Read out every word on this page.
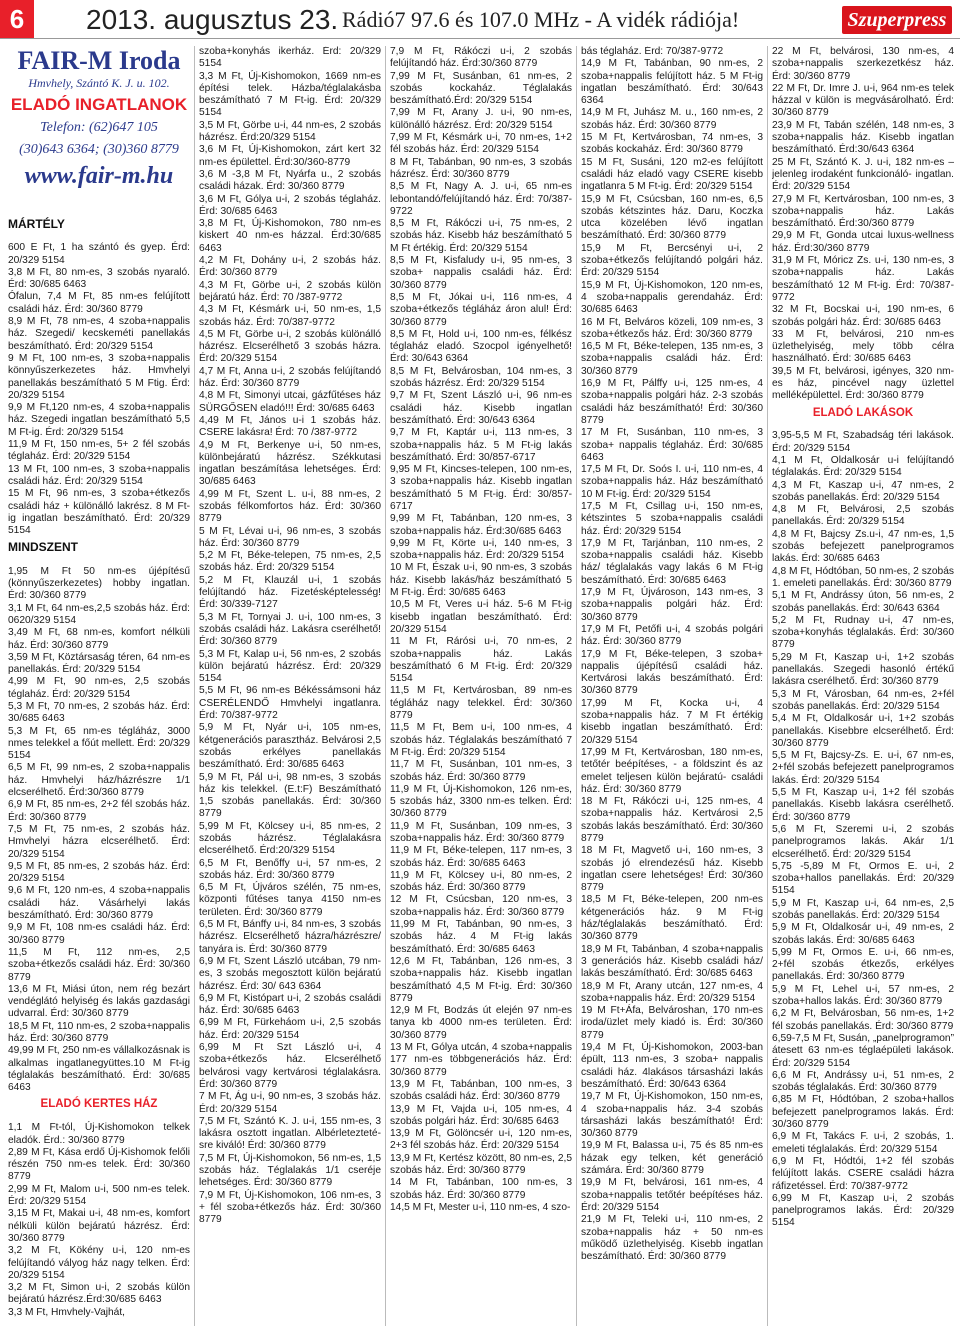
6	2013. augusztus 23. Rádió7 97.6 és 107.0 MHz - A vidék rádiója!	Szuperpress
FAIR-M Iroda
Hmvhely, Szántó K. J. u. 102.
ELADÓ INGATLANOK
Telefon: (62)647 105
(30)643 6364; (30)360 8779
www.fair-m.hu

MÁRTÉLY

600 E Ft, 1 ha szántó és gyep. Érd: 20/329 5154

3,8 M Ft, 80 nm-es, 3 szobás nyaraló. Érd: 30/685 6463

Ófalun, 7,4 M Ft, 85 nm-es felújított családi ház. Érd: 30/360 8779

8,9 M Ft, 78 nm-es, 4 szoba+nappalis ház. Szegedi/ kecskeméti panellakás beszámítható. Érd: 20/329 5154

9 M Ft, 100 nm-es, 3 szoba+nappalis könnyűszerkezetes ház. Hmvhelyi panellakás beszámítható 5 M Ftig. Érd: 20/329 5154

9,9 M Ft,120 nm-es, 4 szoba+nappalis ház. Szegedi ingatlan beszámítható 5,5 M Ft-ig. Érd: 20/329 5154

11,9 M Ft, 150 nm-es, 5+ 2 fél szobás téglaház. Érd: 20/329 5154

13 M Ft, 100 nm-es, 3 szoba+nappalis családi ház. Érd: 20/329 5154

15 M Ft, 96 nm-es, 3 szoba+étkezős családi ház + különálló lakrész. 8 M Ft-ig ingatlan beszámítható. Érd: 20/329 5154

MINDSZENT

1,95 M Ft 50 nm-es újépítésű (könnyűszerkezetes) hobby ingatlan. Érd: 30/360 8779

3,1 M Ft, 64 nm-es,2,5 szobás ház. Érd: 0620/329 5154

3,49 M Ft, 68 nm-es, komfort nélküli ház. Érd: 30/360 8779

3,59 M Ft, Köztársaság téren, 64 nm-es panellakás. Érd: 20/329 5154

4,99 M Ft, 90 nm-es, 2,5 szobás téglaház. Érd: 20/329 5154

5,3 M Ft, 70 nm-es, 2 szobás ház. Érd: 30/685 6463

5,3 M Ft, 65 nm-es tégláház, 3000 nmes telekkel a főút mellett. Érd: 20/329 5154

6,5 M Ft, 99 nm-es, 2 szoba+nappalis ház. Hmvhelyi ház/házrészre 1/1 elcserélhető. Érd:30/360 8779

6,9 M Ft, 85 nm-es, 2+2 fél szobás ház. Érd: 30/360 8779

7,5 M Ft, 75 nm-es, 2 szobás ház. Hmvhelyi házra elcserélhető. Érd: 20/329 5154

9,5 M Ft, 85 nm-es, 2 szobás ház. Érd: 20/329 5154

9,6 M Ft, 120 nm-es, 4 szoba+nappalis családi ház. Vásárhelyi lakás beszámítható. Érd: 30/360 8779

9,9 M Ft, 108 nm-es családi ház. Érd: 30/360 8779

11,5 M Ft, 112 nm-es, 2,5 szoba+étkezős családi ház. Érd: 30/360 8779

13,6 M Ft, Miási úton, nem rég bezárt vendéglátó helyiség és lakás gazdasági udvarral. Érd: 30/360 8779

18,5 M Ft, 110 nm-es, 2 szoba+nappalis ház. Érd: 30/360 8779

49,99 M Ft, 250 nm-es vállalkozásnak is alkalmas ingatlanegyüttes.10 M Ft-ig téglalakás beszámítható. Érd: 30/685 6463

ELADÓ KERTES HÁZ

1,1 M Ft-tól, Új-Kishomokon telkek eladók. Érd.: 30/360 8779

2,89 M Ft, Kása erdő Új-Kishomok felőli részén 750 nm-es telek. Érd: 30/360 8779

2,99 M Ft, Malom u-i, 500 nm-es telek. Érd: 20/329 5154

3,15 M Ft, Makai u-i, 48 nm-es, komfort nélküli külön bejáratú házrész. Érd: 30/360 8779

3,2 M Ft, Kökény u-i, 120 nm-es felújítandó vályog ház nagy telken. Érd: 20/329 5154

3,2 M Ft, Simon u-i, 2 szobás külön bejáratú házrész.Érd:30/685 6463

3,3 M Ft, Hmvhely-Vajhát,

szoba+konyhás ikerház. Érd: 20/329 5154

3,3 M Ft, Új-Kishomokon, 1669 nm-es építési telek. Házba/téglalakásba beszámítható 7 M Ft-ig. Érd: 20/329 5154

3,5 M Ft, Görbe u-i, 44 nm-es, 2 szobás házrész. Érd:20/329 5154

3,6 M Ft, Új-Kishomokon, zárt kert 32 nm-es épülettel. Érd:30/360-8779

3,6 M -3,8 M Ft, Nyárfa u., 2 szobás családi házak. Érd: 30/360 8779

3,6 M Ft, Gólya u-i, 2 szobás téglaház. Érd: 30/685 6463

3,8 M Ft, Új-Kishomokon, 780 nm-es kiskert 40 nm-es házzal. Érd:30/685 6463

4,2 M Ft, Dohány u-i, 2 szobás ház. Érd: 30/360 8779

4,3 M Ft, Görbe u-i, 2 szobás külön bejáratú ház. Érd: 70 /387-9772

4,3 M Ft, Késmárk u-i, 50 nm-es, 1,5 szobás ház. Érd: 70/387-9772

4,5 M Ft, Görbe u-i, 2 szobás különálló házrész. Elcserélhető 3 szobás házra. Érd: 20/329 5154

4,7 M Ft, Anna u-i, 2 szobás felújítandó ház. Érd: 30/360 8779

4,8 M Ft, Simonyi utcai, gázfűtéses ház SÜRGŐSEN eladó!!! Érd: 30/685 6463

4,49 M Ft, János u-i 1 szobás ház. CSERE lakásra! Érd: 70 /387-9772

4,9 M Ft, Berkenye u-i, 50 nm-es, különbejáratú házrész. Székkutasi ingatlan beszámítása lehetséges. Érd: 30/685 6463

4,99 M Ft, Szent L. u-i, 88 nm-es, 2 szobás félkomfortos ház. Érd: 30/360 8779

5 M Ft, Lévai u-i, 96 nm-es, 3 szobás ház. Érd: 30/360 8779

5,2 M Ft, Béke-telepen, 75 nm-es, 2,5 szobás ház. Érd: 20/329 5154

5,2 M Ft, Klauzál u-i, 1 szobás felújítandó ház. Fizetésképtelesség! Érd: 30/339-7127

5,3 M Ft, Tornyai J. u-i, 100 nm-es, 3 szobás családi ház. Lakásra cserélhető! Érd: 30/360 8779

5,3 M Ft, Kalap u-i, 56 nm-es, 2 szobás külön bejáratú házrész. Érd: 20/329 5154

5,5 M Ft, 96 nm-es Békéssámsoni ház CSERÉLENDŐ Hmvhelyi ingatlanra. Érd: 70/387-9772

5,9 M Ft, Nyár u-i, 105 nm-es, kétgenerációs parasztház. Belvárosi 2,5 szobás erkélyes panellakás beszámítható. Érd: 30/685 6463

5,9 M Ft, Pál u-i, 98 nm-es, 3 szobás ház kis telekkel. (E.t:F) Beszámítható 1,5 szobás panellakás. Érd: 30/360 8779

5,99 M Ft, Kölcsey u-i, 85 nm-es, 2 szobás házrész. Téglalakásra elcserélhető. Érd:20/329 5154

6,5 M Ft, Benőffy u-i, 57 nm-es, 2 szobás ház. Érd: 30/360 8779

6,5 M Ft, Újváros szélén, 75 nm-es, központi fűtéses tanya 4150 nm-es területen. Érd: 30/360 8779

6,5 M Ft, Bánffy u-i, 84 nm-es, 3 szobás házrész. Elcserélhető házra/házrészre/ tanyára is. Érd: 30/360 8779

6,9 M Ft, Szent László utcában, 79 nm-es, 3 szobás megosztott külön bejáratú házrész. Érd: 30/ 643 6364

6,9 M Ft, Kistópart u-i, 2 szobás családi ház. Érd: 30/685 6463

6,99 M Ft, Fürkeháom u-i, 2,5 szobás ház. Érd: 20/329 5154

6,99 M Ft Szt László u-i, 4 szoba+étkezős ház. Elcserélhető belvárosi vagy kertvárosi téglalakásra. Érd: 30/360 8779

7 M Ft, Ág u-i, 90 nm-es, 3 szobás ház. Érd: 20/329 5154

7,5 M Ft, Szántó K. J. u-i, 155 nm-es, 3 lakásra osztott ingatlan. Albérleteztetésre kiváló! Érd: 30/360 8779

7,5 M Ft, Új-Kishomokon, 56 nm-es, 1,5 szobás ház. Téglalakás 1/1 cseréje lehetséges. Érd: 30/360 8779

7,9 M Ft, Új-Kishomokon, 106 nm-es, 3 + fél szoba+étkezős ház. Érd: 30/360 8779

7,9 M Ft, Rákóczi u-i, 2 szobás felújítandó ház. Érd:30/360 8779

7,99 M Ft, Susánban, 61 nm-es, 2 szobás kockaház. Téglalakás beszámítható.Érd: 20/329 5154

7,99 M Ft, Arany J. u-i, 90 nm-es, különálló házrész. Érd: 20/329 5154

7,99 M Ft, Késmárk u-i, 70 nm-es, 1+2 fél szobás ház. Érd: 20/329 5154

8 M Ft, Tabánban, 90 nm-es, 3 szobás házrész. Érd: 30/360 8779

8,5 M Ft, Nagy A. J. u-i, 65 nm-es lebontandó/felújítandó ház. Érd: 70/387-9722

8,5 M Ft, Rákóczi u-i, 75 nm-es, 2 szobás ház. Kisebb ház beszámítható 5 M Ft értékig. Érd: 20/329 5154

8,5 M Ft, Kisfaludy u-i, 95 nm-es, 3 szoba+ nappalis családi ház. Érd: 30/360 8779

8,5 M Ft, Jókai u-i, 116 nm-es, 4 szoba+étkezős tégláház áron alul! Érd: 30/360 8779

8,5 M Ft, Hold u-i, 100 nm-es, félkész téglaház eladó. Szocpol igényelhető! Érd: 30/643 6364

8,5 M Ft, Belvárosban, 104 nm-es, 3 szobás házrész. Érd: 20/329 5154

9,7 M Ft, Szent László u-i, 96 nm-es családi ház. Kisebb ingatlan beszámítható. Érd: 30/643 6364

9,7 M Ft, Kaptár u-i, 113 nm-es, 3 szoba+nappalis ház. 5 M Ft-ig lakás beszámítható. Érd: 30/857-6717

9,95 M Ft, Kincses-telepen, 100 nm-es, 3 szoba+nappalis ház. Kisebb ingatlan beszámítható 5 M Ft-ig. Érd: 30/857-6717

9,99 M Ft, Tabánban, 120 nm-es, 3 szoba+nappalis ház. Érd:30/685 6463

9,99 M Ft, Körte u-i, 140 nm-es, 3 szoba+nappalis ház. Érd: 20/329 5154

10 M Ft, Észak u-i, 90 nm-es, 3 szobás ház. Kisebb lakás/ház beszámítható 5 M Ft-ig. Érd: 30/685 6463

10,5 M Ft, Veres u-i ház. 5-6 M Ft-ig kisebb ingatlan beszámítható. Érd: 20/329 5154

11 M Ft, Rárósi u-i, 70 nm-es, 2 szoba+nappalis ház. Lakás beszámítható 6 M Ft-ig. Érd: 20/329 5154

11,5 M Ft, Kertvárosban, 89 nm-es tégláház nagy telekkel. Érd: 30/360 8779

11,5 M Ft, Bem u-i, 100 nm-es, 4 szobás ház. Téglalakás beszámítható 7 M Ft-ig. Érd: 20/329 5154

11,7 M Ft, Susánban, 101 nm-es, 3 szobás ház. Érd: 30/360 8779

11,9 M Ft, Új-Kishomokon, 126 nm-es, 5 szobás ház, 3300 nm-es telken. Érd: 30/360 8779

11,9 M Ft, Susánban, 109 nm-es, 3 szoba+nappalis ház. Érd: 30/360 8779

11,9 M Ft, Béke-telepen, 117 nm-es, 3 szobás ház. Érd: 30/685 6463

11,9 M Ft, Kölcsey u-i, 80 nm-es, 2 szobás ház. Érd: 30/360 8779

12 M Ft, Csúcsban, 120 nm-es, 3 szoba+nappalis ház. Érd: 30/360 8779

11,99 M Ft, Tabánban, 90 nm-es, 3 szobás ház. 4 M Ft-ig lakás beszámítható. Érd: 30/685 6463

12,6 M Ft, Tabánban, 126 nm-es, 3 szoba+nappalis ház. Kisebb ingatlan beszámítható 4,5 M Ft-ig. Érd: 30/360 8779

12,9 M Ft, Bodzás út elején 97 nm-es tanya kb 4000 nm-es területen. Érd: 30/360 8779

13 M Ft, Gólya utcán, 4 szoba+nappalis 177 nm-es többgenerációs ház. Érd: 30/360 8779

13,9 M Ft, Tabánban, 100 nm-es, 3 szobás családi ház. Érd: 30/360 8779

13,9 M Ft, Vajda u-i, 105 nm-es, 4 szobás polgári ház. Érd: 30/685 6463

13,9 M Ft, Gölöncsér u-i, 120 nm-es, 2+3 fél szobás ház. Érd: 20/329 5154

13,9 M Ft, Kertész között, 80 nm-es, 2,5 szobás ház. Érd: 30/360 8779

14 M Ft, Tabánban, 100 nm-es, 3 szobás ház. Érd: 30/360 8779

14,5 M Ft, Mester u-i, 110 nm-es, 4 szo-

bás téglaház. Érd: 70/387-9772

14,9 M Ft, Tabánban, 90 nm-es, 2 szoba+nappalis felújított ház. 5 M Ft-ig ingatlan beszámítható. Érd: 30/643 6364

14,9 M Ft, Juhász M. u., 160 nm-es, 2 szobás ház. Érd: 30/360 8779

15 M Ft, Kertvárosban, 74 nm-es, 3 szobás kockaház. Érd: 30/360 8779

15 M Ft, Susáni, 120 m2-es felújított családi ház eladó vagy CSERE kisebb ingatlanra 5 M Ft-ig. Érd: 20/329 5154

15,9 M Ft, Csúcsban, 160 nm-es, 6,5 szobás kétszintes ház. Daru, Koczka utca közelében lévő ingatlan beszámítható. Érd: 30/360 8779

15,9 M Ft, Bercsényi u-i, 2 szoba+étkezős felújítandó polgári ház. Érd: 20/329 5154

15,9 M Ft, Új-Kishomokon, 120 nm-es, 4 szoba+nappalis gerendaház. Érd: 30/685 6463

16 M Ft, Belváros közeli, 109 nm-es, 3 szoba+étkezős ház. Érd: 30/360 8779

16,5 M Ft, Béke-telepen, 135 nm-es, 3 szoba+nappalis családi ház. Érd: 30/360 8779

16,9 M Ft, Pálffy u-i, 125 nm-es, 4 szoba+nappalis polgári ház. 2-3 szobás családi ház beszámítható! Érd: 30/360 8779

17 M Ft, Susánban, 110 nm-es, 3 szoba+ nappalis téglaház. Érd: 30/685 6463

17,5 M Ft, Dr. Soós I. u-i, 110 nm-es, 4 szoba+nappalis ház. Ház beszámítható 10 M Ft-ig. Érd: 20/329 5154

17,5 M Ft, Csillag u-i, 150 nm-es, kétszintes 5 szoba+nappalis családi ház. Érd: 20/329 5154

17,9 M Ft, Tarjánban, 110 nm-es, 2 szoba+nappalis családi ház. Kisebb ház/ téglalakás vagy lakás 6 M Ft-ig beszámítható. Érd: 30/685 6463

17,9 M Ft, Újvároson, 143 nm-es, 3 szoba+nappalis polgári ház. Érd: 30/360 8779

17,9 M Ft, Petőfi u-i, 4 szobás polgári ház. Érd: 30/360 8779

17,9 M Ft, Béke-telepen, 3 szoba+ nappalis újépítésű családi ház. Kertvárosi lakás beszámítható. Érd: 30/360 8779

17,99 M Ft, Kocka u-i, 4 szoba+nappalis ház. 7 M Ft értékig kisebb ingatlan beszámítható. Érd: 20/329 5154

17,99 M Ft, Kertvárosban, 180 nm-es, tetőtér beépítéses, - a földszint és az emelet teljesen külön bejáratú- családi ház. Érd: 30/360 8779

18 M Ft, Rákóczi u-i, 125 nm-es, 4 szoba+nappalis ház. Kertvárosi 2,5 szobás lakás beszámítható. Érd: 30/360 8779

18 M Ft, Magvető u-i, 160 nm-es, 3 szobás jó elrendezésű ház. Kisebb ingatlan csere lehetséges! Érd: 30/360 8779

18,5 M Ft, Béke-telepen, 200 nm-es kétgenerációs ház. 9 M Ft-ig ház/téglalakás beszámítható. Érd: 30/360 8779

18,9 M Ft, Tabánban, 4 szoba+nappalis 3 generációs ház. Kisebb családi ház/ lakás beszámítható. Érd: 30/685 6463

18,9 M Ft, Arany utcán, 127 nm-es, 4 szoba+nappalis ház. Érd: 20/329 5154

19 M Ft+Áfa, Belvároshan, 170 nm-es iroda/üzlet mely kiadó is. Érd: 30/360 8779

19,4 M Ft, Új-Kishomokon, 2003-ban épült, 113 nm-es, 3 szoba+ nappalis családi ház. 4lakásos társasházi lakás beszámítható. Érd: 30/643 6364

19,7 M Ft, Új-Kishomokon, 150 nm-es, 4 szoba+nappalis ház. 3-4 szobás társasházi lakás beszámítható! Érd: 30/360 8779

19,9 M Ft, Balassa u-i, 75 és 85 nm-es házak egy telken, két generáció számára. Érd: 30/360 8779

19,9 M Ft, belvárosi, 161 nm-es, 4 szoba+nappalis tetőtér beépítéses ház. Érd: 20/329 5154

21,9 M Ft, Teleki u-i, 110 nm-es, 2 szoba+nappalis ház + 50 nm-es működő üzlethelyiség. Kisebb ingatlan beszámítható. Érd: 30/360 8779

22 M Ft, belvárosi, 130 nm-es, 4 szoba+nappalis szerkezetkész ház. Érd: 30/360 8779

22 M Ft, Dr. Imre J. u-i, 964 nm-es telek házzal v külön is megvásárolható. Érd: 30/360 8779

23,9 M Ft, Tabán szélén, 148 nm-es, 3 szoba+nappalis ház. Kisebb ingatlan beszámítható. Érd:30/643 6364

25 M Ft, Szántó K. J. u-i, 182 nm-es – jelenleg irodaként funkcionáló- ingatlan. Érd: 20/329 5154

27,9 M Ft, Kertvárosban, 100 nm-es, 3 szoba+nappalis ház. Lakás beszámítható. Érd:30/360 8779

29,9 M Ft, Gonda utcai luxus-wellness ház. Érd:30/360 8779

31,9 M Ft, Móricz Zs. u-i, 130 nm-es, 3 szoba+nappalis ház. Lakás beszámítható 12 M Ft-ig. Érd: 70/387-9772

32 M Ft, Bocskai u-i, 190 nm-es, 6 szobás polgári ház. Érd: 30/685 6463

33 M Ft, belvárosi, 210 nm-es üzlethelyiség, mely több célra használható. Érd: 30/685 6463

39,5 M Ft, belvárosi, igényes, 320 nm-es ház, pincével nagy üzlettel melléképülettel. Érd: 30/360 8779

ELADÓ LAKÁSOK

3,95-5,5 M Ft, Szabadság téri lakások. Érd: 20/329 5154

4,1 M Ft, Oldalkosár u-i felújítandó téglalakás. Érd: 20/329 5154

4,3 M Ft, Kaszap u-i, 47 nm-es, 2 szobás panellakás. Érd: 20/329 5154

4,8 M Ft, Belvárosi, 2,5 szobás panellakás. Érd: 20/329 5154

4,8 M Ft, Bajcsy Zs.u-i, 47 nm-es, 1,5 szobás befejezett panelprogramos lakás. Érd: 30/685 6463

4,8 M Ft, Hódtóban, 50 nm-es, 2 szobás 1. emeleti panellakás. Érd: 30/360 8779

5,1 M Ft, Andrássy úton, 56 nm-es, 2 szobás panellakás. Érd: 30/643 6364

5,2 M Ft, Rudnay u-i, 47 nm-es, szoba+konyhás téglalakás. Érd: 30/360 8779

5,29 M Ft, Kaszap u-i, 1+2 szobás panellakás. Szegedi hasonló értékű lakásra cserélhető. Érd: 30/360 8779

5,3 M Ft, Városban, 64 nm-es, 2+fél szobás panellakás. Érd: 20/329 5154

5,4 M Ft, Oldalkosár u-i, 1+2 szobás panellakás. Kisebbre elcserélhető. Érd: 30/360 8779

5,5 M Ft, Bajcsy-Zs. E. u-i, 67 nm-es, 2+fél szobás befejezett panelprogramos lakás. Érd: 20/329 5154

5,5 M Ft, Kaszap u-i, 1+2 fél szobás panellakás. Kisebb lakásra cserélhető. Érd: 30/360 8779

5,6 M Ft, Szeremi u-i, 2 szobás panelprogramos lakás. Akár 1/1 elcserélhető. Érd: 20/329 5154

5,75 -5,89 M Ft, Ormos E. u-i, 2 szoba+hallos panellakás. Érd: 20/329 5154

5,9 M Ft, Kaszap u-i, 64 nm-es, 2,5 szobás panellakás. Érd: 20/329 5154

5,9 M Ft, Oldalkosár u-i, 49 nm-es, 2 szobás lakás. Érd: 30/685 6463

5,99 M Ft, Ormos E. u-i, 66 nm-es, 2+fél szobás étkezős, erkélyes panellakás. Érd: 30/360 8779

5,9 M Ft, Lehel u-i, 57 nm-es, 2 szoba+hallos lakás. Érd: 30/360 8779

6,2 M Ft, Belvárosban, 56 nm-es, 1+2 fél szobás panellakás. Érd: 30/360 8779

6,59-7,5 M Ft, Susán, „panelprogramon” átesett 63 nm-es téglaépületi lakások. Érd: 20/329 5154

6,6 M Ft, Andrássy u-i, 51 nm-es, 2 szobás téglalakás. Érd: 30/360 8779

6,85 M Ft, Hódtóban, 2 szoba+hallos befejezett panelprogramos lakás. Érd: 30/360 8779

6,9 M Ft, Takács F. u-i, 2 szobás, 1. emeleti téglalakás. Érd: 20/329 5154

6,9 M Ft, Hódtói, 1+2 fél szobás felújított lakás. CSERE családi házra ráfizetéssel. Érd: 70/387-9772

6,99 M Ft, Kaszap u-i, 2 szobás panelprogramos lakás. Érd: 20/329 5154
